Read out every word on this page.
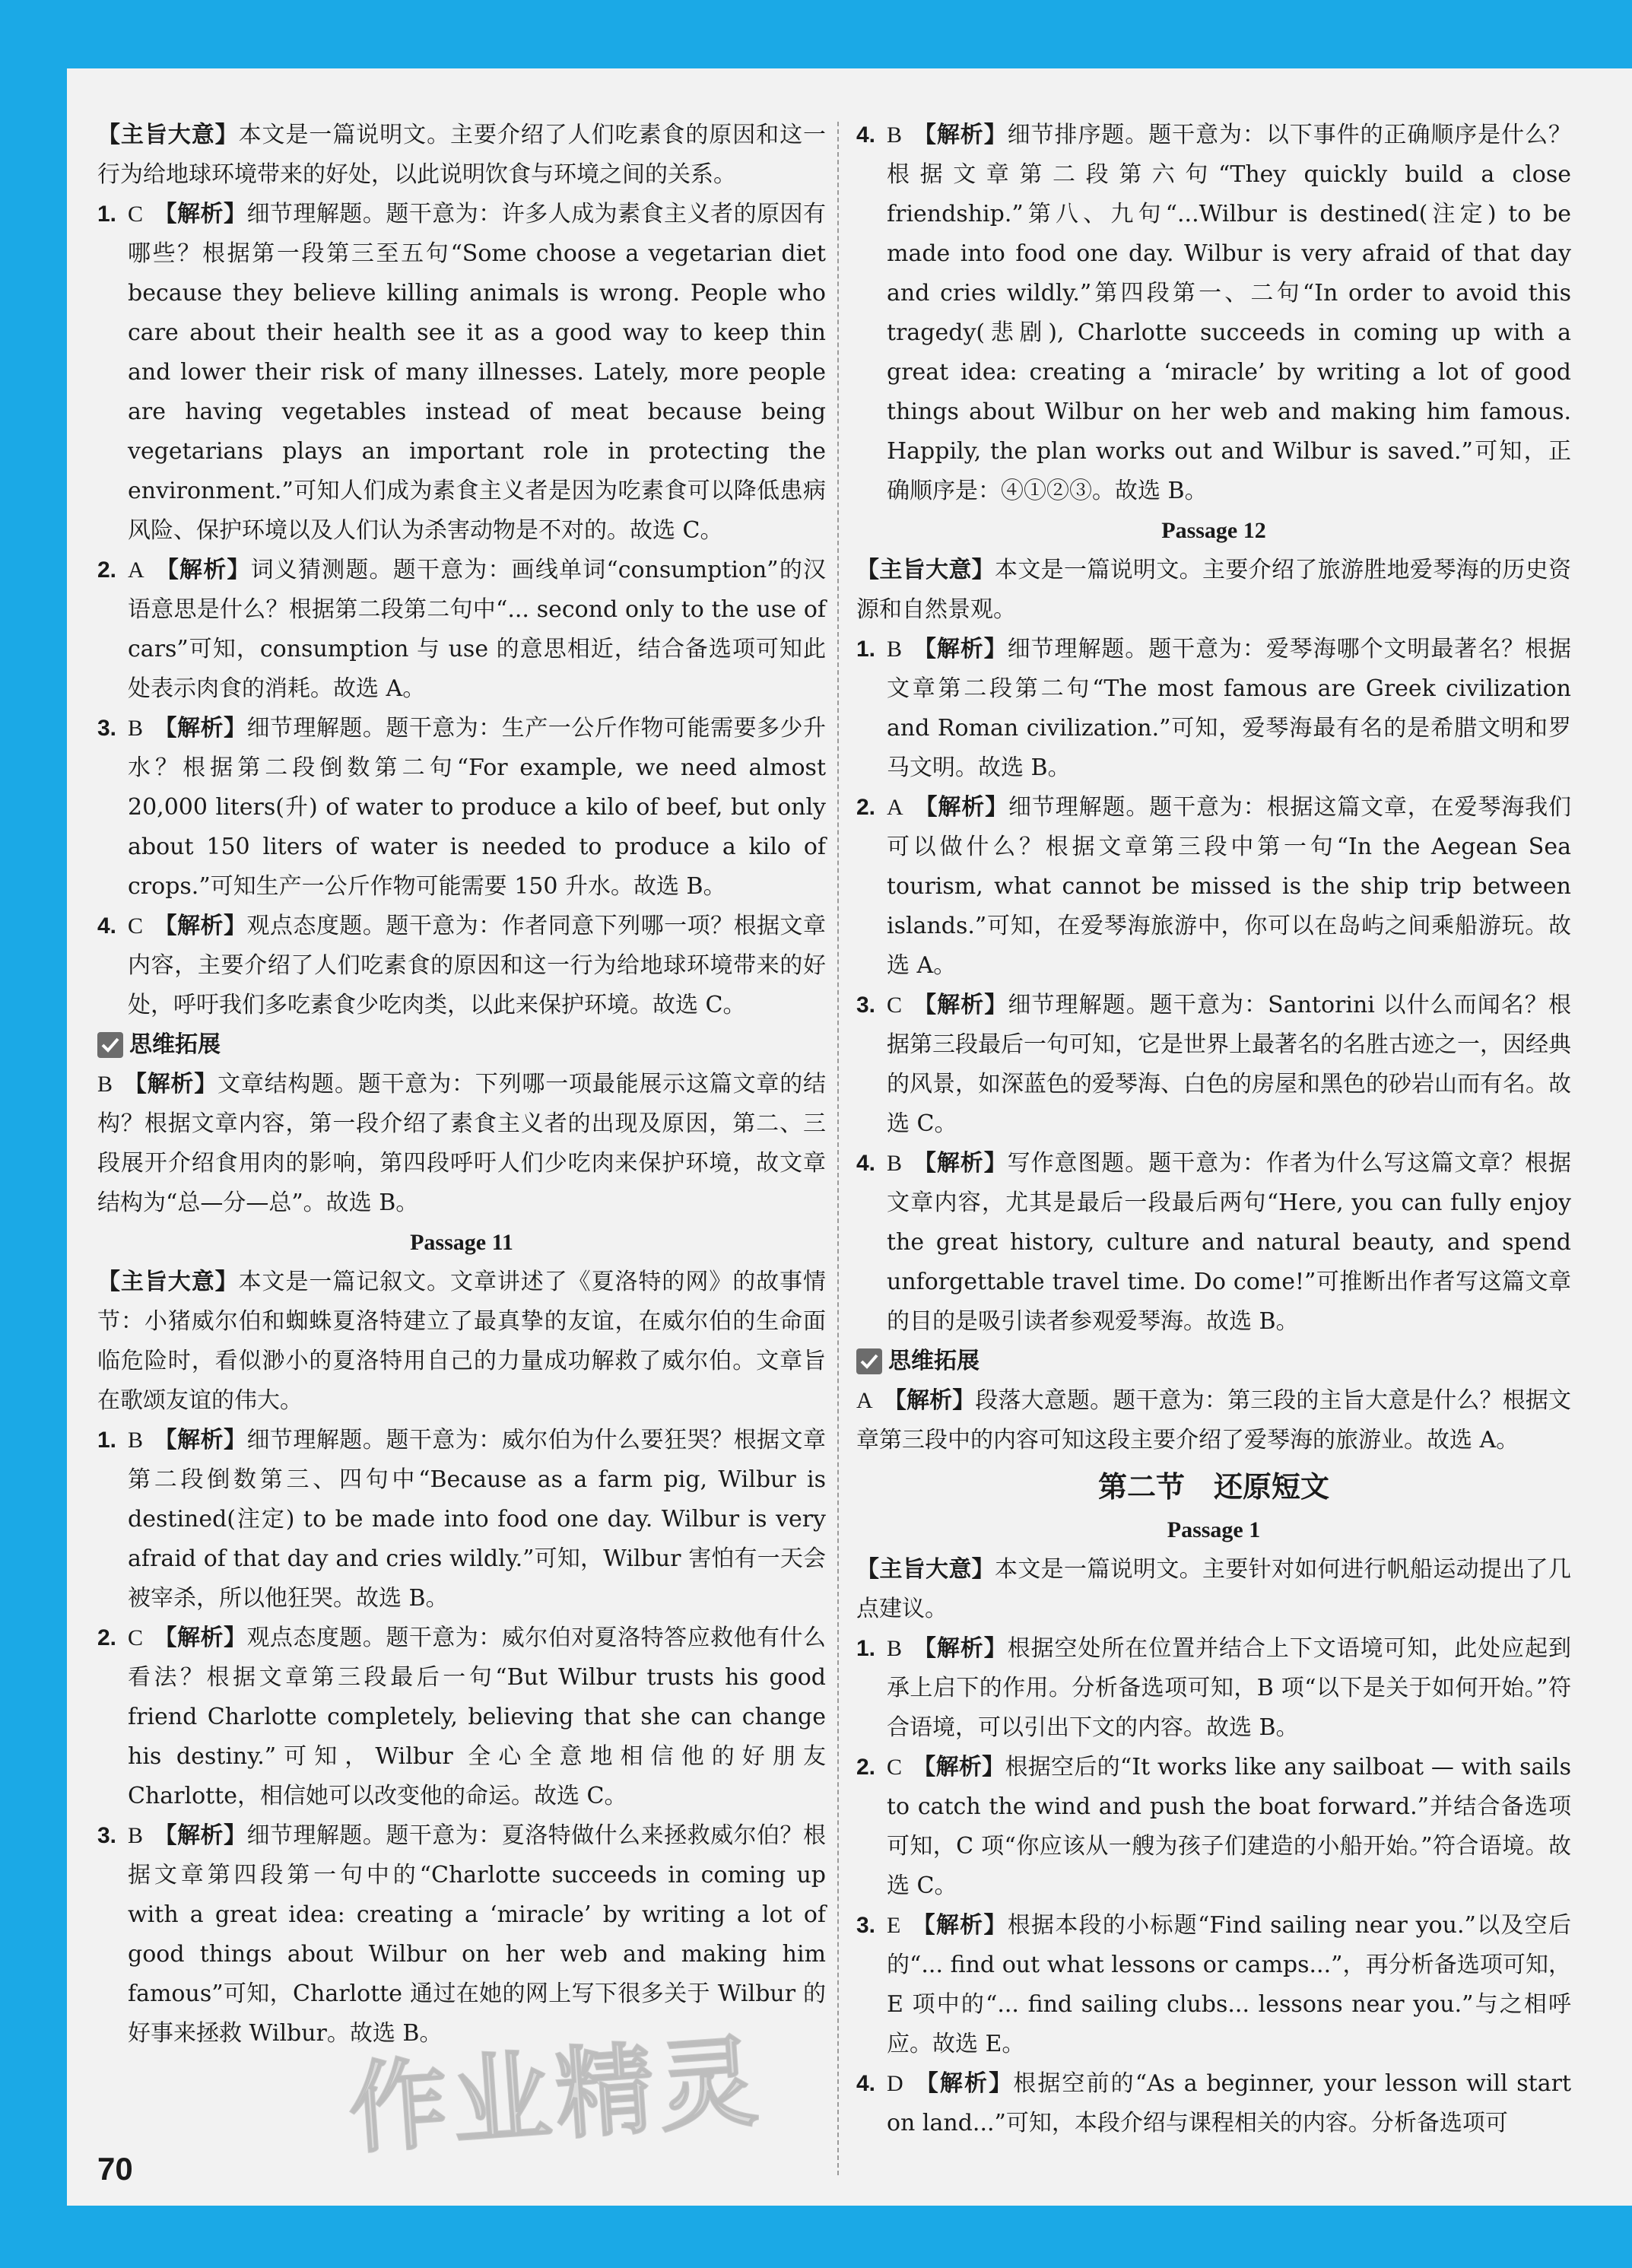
【主旨大意】本文是一篇说明文。主要介绍了人们吃素食的原因和这一行为给地球环境带来的好处，以此说明饮食与环境之间的关系。

1. C 【解析】细节理解题。题干意为：许多人成为素食主义者的原因有哪些？根据第一段第三至五句“Some choose a vegetarian diet because they believe killing animals is wrong. People who care about their health see it as a good way to keep thin and lower their risk of many illnesses. Lately, more people are having vegetables instead of meat because being vegetarians plays an important role in protecting the environment.”可知人们成为素食主义者是因为吃素食可以降低患病风险、保护环境以及人们认为杀害动物是不对的。故选 C。
2. A 【解析】词义猜测题。题干意为：画线单词“consumption”的汉语意思是什么？根据第二段第二句中“... second only to the use of cars”可知，consumption 与 use 的意思相近，结合备选项可知此处表示肉食的消耗。故选 A。
3. B 【解析】细节理解题。题干意为：生产一公斤作物可能需要多少升水？根据第二段倒数第二句“For example, we need almost 20,000 liters(升) of water to produce a kilo of beef, but only about 150 liters of water is needed to produce a kilo of crops.”可知生产一公斤作物可能需要 150 升水。故选 B。
4. C 【解析】观点态度题。题干意为：作者同意下列哪一项？根据文章内容，主要介绍了人们吃素食的原因和这一行为给地球环境带来的好处，呼吁我们多吃素食少吃肉类，以此来保护环境。故选 C。
思维拓展

B 【解析】文章结构题。题干意为：下列哪一项最能展示这篇文章的结构？根据文章内容，第一段介绍了素食主义者的出现及原因，第二、三段展开介绍食用肉的影响，第四段呼吁人们少吃肉来保护环境，故文章结构为“总—分—总”。故选 B。

Passage 11

【主旨大意】本文是一篇记叙文。文章讲述了《夏洛特的网》的故事情节：小猪威尔伯和蜘蛛夏洛特建立了最真挚的友谊，在威尔伯的生命面临危险时，看似渺小的夏洛特用自己的力量成功解救了威尔伯。文章旨在歌颂友谊的伟大。

1. B 【解析】细节理解题。题干意为：威尔伯为什么要狂哭？根据文章第二段倒数第三、四句中“Because as a farm pig, Wilbur is destined(注定) to be made into food one day. Wilbur is very afraid of that day and cries wildly.”可知，Wilbur 害怕有一天会被宰杀，所以他狂哭。故选 B。
2. C 【解析】观点态度题。题干意为：威尔伯对夏洛特答应救他有什么看法？根据文章第三段最后一句“But Wilbur trusts his good friend Charlotte completely, believing that she can change his destiny.”可知，Wilbur 全心全意地相信他的好朋友 Charlotte，相信她可以改变他的命运。故选 C。
3. B 【解析】细节理解题。题干意为：夏洛特做什么来拯救威尔伯？根据文章第四段第一句中的“Charlotte succeeds in coming up with a great idea: creating a ‘miracle’ by writing a lot of good things about Wilbur on her web and making him famous”可知，Charlotte 通过在她的网上写下很多关于 Wilbur 的好事来拯救 Wilbur。故选 B。
4. B 【解析】细节排序题。题干意为：以下事件的正确顺序是什么？根据文章第二段第六句“They quickly build a close friendship.”第八、九句“...Wilbur is destined(注定) to be made into food one day. Wilbur is very afraid of that day and cries wildly.”第四段第一、二句“In order to avoid this tragedy(悲剧), Charlotte succeeds in coming up with a great idea: creating a ‘miracle’ by writing a lot of good things about Wilbur on her web and making him famous. Happily, the plan works out and Wilbur is saved.”可知，正确顺序是：④①②③。故选 B。

Passage 12

【主旨大意】本文是一篇说明文。主要介绍了旅游胜地爱琴海的历史资源和自然景观。

1. B 【解析】细节理解题。题干意为：爱琴海哪个文明最著名？根据文章第二段第二句“The most famous are Greek civilization and Roman civilization.”可知，爱琴海最有名的是希腊文明和罗马文明。故选 B。
2. A 【解析】细节理解题。题干意为：根据这篇文章，在爱琴海我们可以做什么？根据文章第三段中第一句“In the Aegean Sea tourism, what cannot be missed is the ship trip between islands.”可知，在爱琴海旅游中，你可以在岛屿之间乘船游玩。故选 A。
3. C 【解析】细节理解题。题干意为：Santorini 以什么而闻名？根据第三段最后一句可知，它是世界上最著名的名胜古迹之一，因经典的风景，如深蓝色的爱琴海、白色的房屋和黑色的砂岩山而有名。故选 C。
4. B 【解析】写作意图题。题干意为：作者为什么写这篇文章？根据文章内容，尤其是最后一段最后两句“Here, you can fully enjoy the great history, culture and natural beauty, and spend unforgettable travel time. Do come!”可推断出作者写这篇文章的目的是吸引读者参观爱琴海。故选 B。
思维拓展

A 【解析】段落大意题。题干意为：第三段的主旨大意是什么？根据文章第三段中的内容可知这段主要介绍了爱琴海的旅游业。故选 A。

第二节　还原短文

Passage 1

【主旨大意】本文是一篇说明文。主要针对如何进行帆船运动提出了几点建议。

1. B 【解析】根据空处所在位置并结合上下文语境可知，此处应起到承上启下的作用。分析备选项可知，B 项“以下是关于如何开始。”符合语境，可以引出下文的内容。故选 B。
2. C 【解析】根据空后的“It works like any sailboat — with sails to catch the wind and push the boat forward.”并结合备选项可知，C 项“你应该从一艘为孩子们建造的小船开始。”符合语境。故选 C。
3. E 【解析】根据本段的小标题“Find sailing near you.”以及空后的“... find out what lessons or camps...”，再分析备选项可知，E 项中的“... find sailing clubs... lessons near you.”与之相呼应。故选 E。
4. D 【解析】根据空前的“As a beginner, your lesson will start on land...”可知，本段介绍与课程相关的内容。分析备选项可
作业精灵
70
